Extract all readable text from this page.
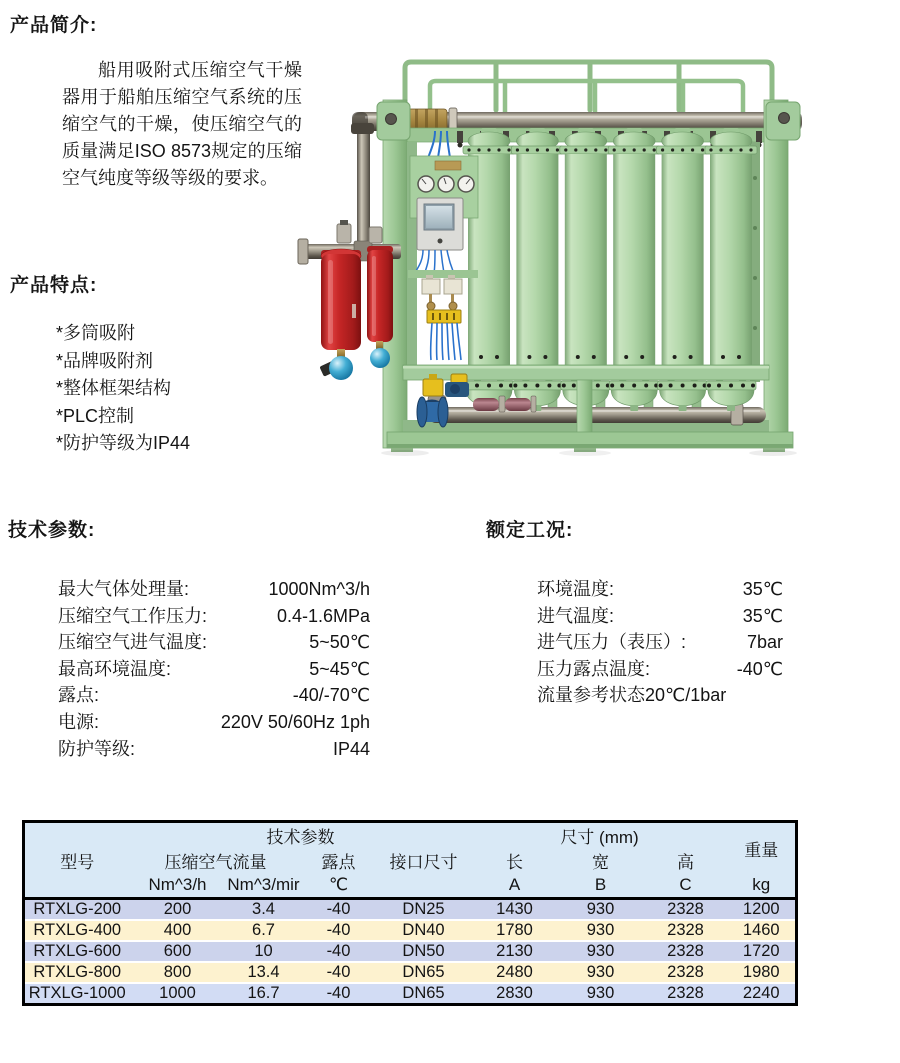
产品简介:
船用吸附式压缩空气干燥器用于船舶压缩空气系统的压缩空气的干燥，使压缩空气的质量满足ISO 8573规定的压缩空气纯度等级等级的要求。
产品特点:
*多筒吸附
*品牌吸附剂
*整体框架结构
*PLC控制
*防护等级为IP44
技术参数:	额定工况:
最大气体处理量:	1000Nm^3/h
压缩空气工作压力:	0.4-1.6MPa
压缩空气进气温度:	5~50℃
最高环境温度:	5~45℃
露点:	-40/-70℃
电源:	220V 50/60Hz 1ph
防护等级:	IP44
环境温度:	35℃
进气温度:	35℃
进气压力（表压）:	7bar
压力露点温度:	-40℃
流量参考状态20℃/1bar
	技术参数				尺寸 (mm)			重量
型号	压缩空气流量		露点	接口尺寸	长	宽	高	
	Nm^3/h	Nm^3/mir	℃		A	B	C	kg
RTXLG-200	200	3.4	-40	DN25	1430	930	2328	1200
RTXLG-400	400	6.7	-40	DN40	1780	930	2328	1460
RTXLG-600	600	10	-40	DN50	2130	930	2328	1720
RTXLG-800	800	13.4	-40	DN65	2480	930	2328	1980
RTXLG-1000	1000	16.7	-40	DN65	2830	930	2328	2240
